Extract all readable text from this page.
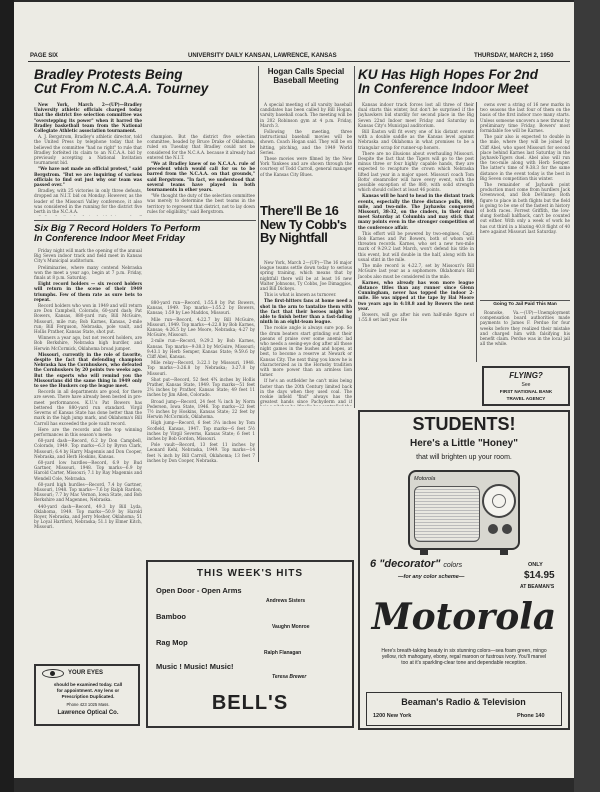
PAGE SIX	UNIVERSITY DAILY KANSAN, LAWRENCE, KANSAS	THURSDAY, MARCH 2, 1950
Bradley Protests Being
Cut From N.C.A.A. Tourney

New York, March 2—(UP)—Bradley University athletic officials charged today that the district five selection committee was "overstepping its power" when it barred the Bradley basketball team from the National Collegiate Athletic association tournament.

A. J. Bergstrom, Bradley's athletic director, told the United Press by telephone today that he believed the committee "had no right" to rule that Bradley forfeited its claim to an N.C.A.A. bid by previously accepting a National Invitation tournament bid.

"We have not made an official protest," said Bergstrom. "But we are inquiring of various officials to find out just why our team was passed over."

Bradley, with 25 victories in only three defeats, dropped an N.I.T. bid on Monday. However, as the leader of the Missouri Valley conference, it also was considered in the running for the district five berth in the N.C.A.A.

champion. But the district five selection committee, headed by Bruce Drake of Oklahoma, ruled on Tuesday that Bradley could not be considered for the N.C.A.A. because it already had entered the N.I.T.

"We at Bradley knew of no N.C.A.A. rule of precedent which would call for us to be barred from the N.C.A.A. on that grounds," said Bergstrom. "In fact, we understood that several teams have played in both tournaments in other years.

"We thought the duty of the selection committee was merely to determine the best teams in the territory to represent that district, not to lay down rules for eligibility," said Bergstrom.

Six Big 7 Record Holders To Perform
In Conference Indoor Meet Friday

Friday night will mark the opening of the annual Big Seven indoor track and field meet in Kansas City's Municipal auditorium.

Preliminaries, where many contend Nebraska won the meet a year ago, begin at 7 p.m. Friday, finals at 8 p.m. Saturday.

Eight record holders — six record holders will return in the scene of their 1949 triumphs. Few of them rate as sure bets to repeat.

Record holders who won in 1949 and will return are Don Campbell, Colorado, 60-yard dash; Pat Bowers, Kansas, 880-yard run; Bill McGuire, Missouri, mile run; Bob Karnes, Kansas, 2-mile run; Bill Ferguson, Nebraska, pole vault, and Hollis Prather, Kansas State, shot put.

Winners a year ago, but not record holders, are Bob Berkshire, Nebraska high hurdler, and Herwin McCormick, Oklahoma broad jumper.

Missouri, currently in the role of favorite, despite the fact that defending champion Nebraska has the Cornhuskers, who defeated the Cornhuskers by 20 points two weeks ago. But the experts who will remind you the Missourians did the same thing in 1949 only to see the Huskers cop the league meet.

Records in all departments are good, for there are seven. There have already been bested in pre-meet performances. K.U.'s Pat Bowers has bettered the 880-yard run standard. Virgil Severns of Kansas State has done better than the mark in the high jump mark, and Oklahoma's Bill Carroll has exceeded the pole vault record.

Here are the records and the top winning performances in this season's meets:

60-yard dash—Record, 6.2 by Don Campbell, Colorado, 1949. Top marks—6.3 by Byron Clark, Missouri; 6.4 by Harry Magennis and Don Cooper, Nebraska, and Herb Hoskins, Kansas.

60-yard low hurdles—Record, 6.9 by Bud Gartner, Missouri, 1948. Top marks—6.9 by Harold Carter, Missouri; 7.1 by Ray Magennis and Wendell Cole, Nebraska.

60-yard high hurdles—Record, 7.4 by Gartner, Missouri, 1948. Top marks—7.6 by Ralph Rardon, Missouri; 7.7 by Mac Vernon, Iowa State, and Bob Berkshire and Magennes, Nebraska.

440-yard dash—Record, 49.3 by Bill Lyda, Oklahoma, 1949. Top marks—50.9 by Harold Royer, Nebraska, and Jerry Mosher, Oklahoma; 51 by Loyal Hartford, Nebraska; 51.1 by Elmer Kitch, Missouri.

880-yard run—Record, 1:55.8 by Pat Bowers, Kansas, 1949. Top marks—1:55.2 by Bowers, Kansas; 1:59 by Lee Maddox, Missouri.

Mile run—Record, 4:22.7 by Bill McGuire, Missouri, 1949. Top marks—4:22.8 by Bob Karnes, Kansas; 4:26.5 by Lee Moore, Nebraska; 4:27 by McGuire, Missouri.

2-mile run—Record, 9:29.2 by Bob Karnes, Kansas. Top marks—9:38.3 by McGuire, Missouri; 9:43.1 by Herb Semper, Kansas State; 9:59.6 by Cliff Abel, Kansas.

Mile relay—Record, 3:22.1 by Missouri, 1948. Top marks—3:26.8 by Nebraska; 3:27.8 by Missouri.

Shot put—Record, 52 feet 4¾ inches by Hollis Prather, Kansas State, 1949. Top marks—51 feet 2¼ inches by Prather, Kansas State; 49 feet 11 inches by Jim Allen, Colorado.

Broad jump—Record, 24 feet ¾ inch by Norm Pedersen, Iowa State, 1946. Top marks—22 feet 7½ inches by Hoskins, Kansas State; 22 feet by Herwin McCormick, Oklahoma.

High jump—Record, 6 feet 3¼ inches by Tom Scofield, Kansas, 1947. Top marks—6 feet 5½ inches by Virgil Severns, Kansas State; 6 feet 1 inches by Bob Gordon, Missouri.

Pole vault—Record, 13 feet 11 inches by Leonard Kehl, Nebraska, 1949. Top marks—14 feet ¼ inch by Bill Carroll, Oklahoma; 13 feet 7 inches by Don Cooper, Nebraska.

YOUR EYES
should be examined today. Call
for appointment. Any lens or
Prescription Duplicated.
Phone 423 1025 Mass.
Lawrence Optical Co.
Hogan Calls Special Baseball Meeting

A special meeting of all varsity baseball candidates has been called by Bill Hogan, varsity baseball coach. The meeting will be in 202 Robinson gym at 4 p.m. Friday, March 3.

Following the meeting, three instructional baseball movies will be shown. Coach Hogan said. They will be on hitting, pitching, and the 1949 World Series.

These movies were filmed by the New York Yankees and are shown through the courtesy of Todd Carroll, general manager of the Kansas City Blues.

There'll Be 16 New Ty Cobb's By Nightfall

New York, March 2—(UP)—The 16 major league teams settle down today to serious spring training, which means that by nightfall there will be at least 16 new Walter Johnsons, Ty Cobbs, Joe Dimaggios, and Bill Dickeys.

This is what is known as turnover.

The first-hitters fans at home need a shot in the arm to tantalize them with the fact that their heroes might be able to finish better than a fast-fading ninth in an eight-team league.

The rookie angle is always sure pop. So the drum beaters start grinding out their paeans of praise over some anemic lad who needs a seeing-eye dog after all those night games in the bushes and hopes, at best, to become a reserve at Newark or Kansas City. The next thing you know he is characterized as in the Hornsby tradition with more power than an armless lion tamer.

If he's an outfielder he can't miss being faster than the 20th Century limited back in the days when they used coal. The rookie infield "find" always has the greatest hands since Pachyderm and if

KU Has High Hopes For 2nd
In Conference Indoor Meet

Kansas indoor track forces lost all three of their dual starts this winter, but don't be surprised if the Jayhawkers bid sturdily for second place in the Big Seven 22nd Indoor meet Friday and Saturday in Kansas City's Municipal auditorium.

Bill Easton will fit every one of his distant events with a double saddle as the Kansas level against Nebraska and Oklahoma in what promises to be a triangular scrap for runner-up honors.

There are no illusions about overhauling Missouri. Despite the fact that the Tigers will go to the post minus three or four highly capable hands, they are expected to recapture the crown which Nebraska lifted last year in a major upset. Missouri coach Tom Botts' steamroller will have every event, with the possible exception of the 880, with solid strength which should collect at least 46 points.

Kansas will be hard to head in the distant track events, especially the three distance pulls, 880, mile, and two-mile. The Jayhawks conquered Missouri, 38-32, on the cinders, in their dual meet Saturday at Columbia and may stick that many points even in the stronger competition of the conference affair.

This effort will be powered by two-engines, Capt. Bob Karnes and Pat Bowers, both of whom will threaten records. Karnes, who set a new two-mile mark of 9:29.2 last March, won't defend his title in this event, but will double in the half, along with his usual stint in the mile.

The mile record is 4:22.7, set by Missouri's Bill McGuire last year as a sophomore. Oklahoma's Bill Jacobs also must be considered in the mile.

Karnes, who already has won more league distance titles than any runner since Glenn Cunningham, never has topped the indoor 2-mile. He was nipped at the tape by Hal Moore two years ago in 4:18.8 and by Bowers the next year.

Bowers, will go after his own half-mile figure of 1:55.8 set last year. He

owns over a string of 16 new marks in two seasons the last four of them on the basis of the first indoor race many starts. Unless someone uncovers a new threat by preliminary time Friday, Bowers' most formidable foe will be Karnes.

The pair also is expected to double in the mile, where they will be joined by Cliff Abel, who upset Missouri for second place behind Karnes last Saturday in the Jayhawk-Tigers duel. Abel also will run the two-mile along with Herb Semper. The latter's time of 9:38.3 for the same distance in the event today is the best in Big Seven competition this winter.

The remainder of Jayhawk point production must come from hurdlers Jack Greenwood, and Bob DeVinney. Both figure to place in both flights but the field is going to be one of the fastest in history of both races. Forrest Griffith, the low-slung football halfback, can't be counted out either. With only a week of work he has cut third in a blazing 40.8 flight of 40 here against Missouri last Saturday.

Going To Jail Paid This Man

Roanoke, Va.—(UP)—Unemployment compensation board authorities made payments to James F. Perdue for four weeks before they realized their mistake and charged him with falsifying his benefit claim. Perdue was in the local jail all the while.

FLYING?
See
FIRST NATIONAL BANK
TRAVEL AGENCY
THIS WEEK'S HITS
Open Door - Open Arms
Andrews Sisters
Bamboo
Vaughn Monroe
Rag Mop
Ralph Flanagan
Music ! Music! Music!
Teresa Brewer
BELL'S
STUDENTS!
Here's a Little "Honey"
that will brighten up your room.
Motorola
6 "decorator" colors
—for any color scheme—
ONLY
$14.95
AT BEAMAN'S
Motorola
Here's breath-taking beauty in six stunning colors—sea foam green, mingo yellow, rich mahogany, ebony, regal maroon or fustrous ivory. You'll marvel too at it's sparkling-clear tone and dependable reception.
Beaman's Radio & Television
1200 New York	Phone 140
